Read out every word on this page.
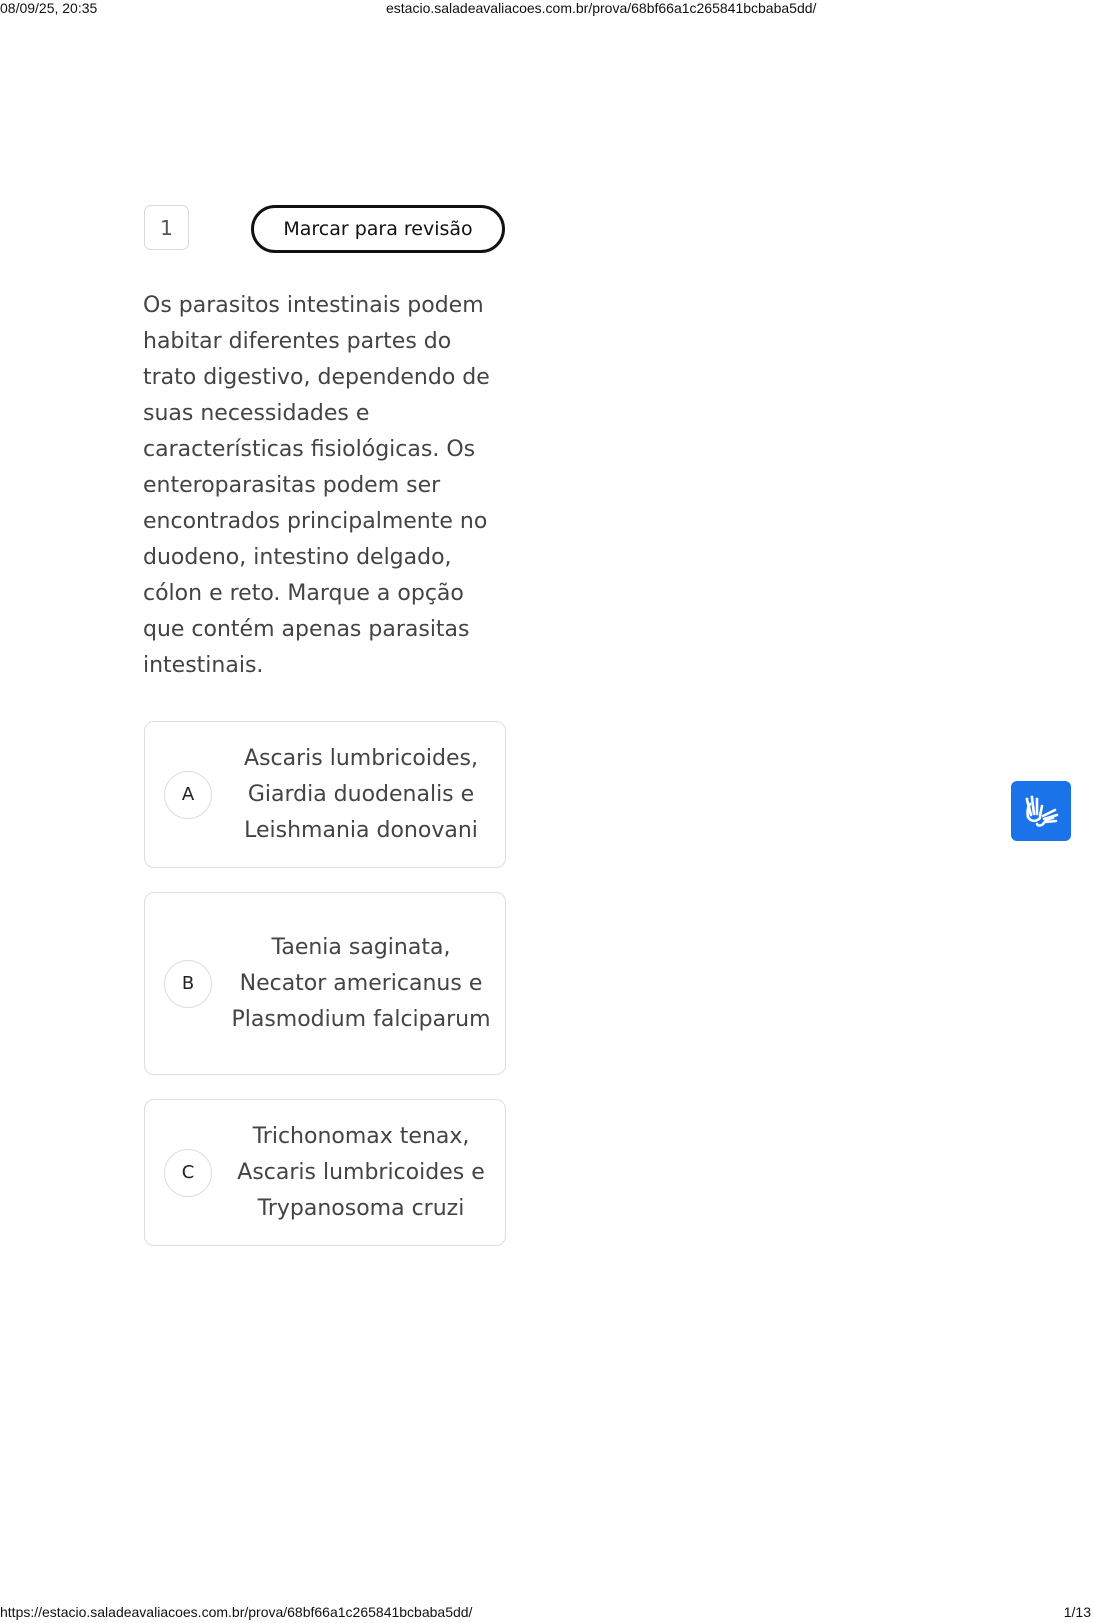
08/09/25, 20:35	estacio.saladeavaliacoes.com.br/prova/68bf66a1c265841bcbaba5dd/
1	Marcar para revisão

Os parasitos intestinais podem habitar diferentes partes do trato digestivo, dependendo de suas necessidades e características fisiológicas. Os enteroparasitas podem ser encontrados principalmente no duodeno, intestino delgado, cólon e reto. Marque a opção que contém apenas parasitas intestinais.

A
Ascaris lumbricoides, Giardia duodenalis e Leishmania donovani
B
Taenia saginata, Necator americanus e Plasmodium falciparum
C
Trichonomax tenax, Ascaris lumbricoides e Trypanosoma cruzi
https://estacio.saladeavaliacoes.com.br/prova/68bf66a1c265841bcbaba5dd/	1/13
